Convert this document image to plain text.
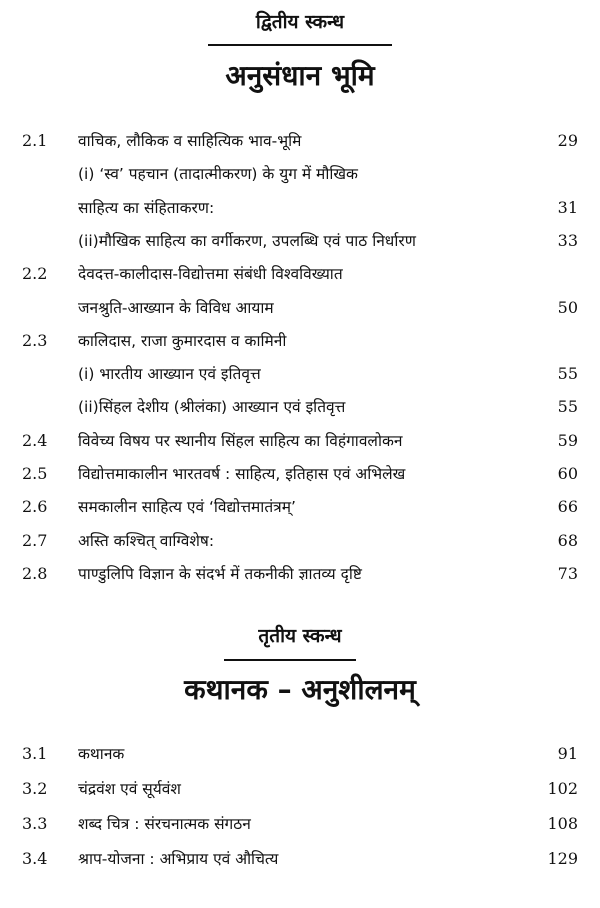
द्वितीय स्कन्ध
अनुसंधान भूमि
2.1 वाचिक, लौकिक व साहित्यिक भाव-भूमि	29
(i) ‘स्व’ पहचान (तादात्मीकरण) के युग में मौखिक
साहित्य का संहिताकरण:	31
(ii)मौखिक साहित्य का वर्गीकरण, उपलब्धि एवं पाठ निर्धारण	33
2.2 देवदत्त-कालीदास-विद्योत्तमा संबंधी विश्वविख्यात
जनश्रुति-आख्यान के विविध आयाम	50
2.3 कालिदास, राजा कुमारदास व कामिनी
(i) भारतीय आख्यान एवं इतिवृत्त	55
(ii)सिंहल देशीय (श्रीलंका) आख्यान एवं इतिवृत्त	55
2.4 विवेच्य विषय पर स्थानीय सिंहल साहित्य का विहंगावलोकन	59
2.5 विद्योत्तमाकालीन भारतवर्ष : साहित्य, इतिहास एवं अभिलेख	60
2.6 समकालीन साहित्य एवं ‘विद्योत्तमातंत्रम्’	66
2.7 अस्ति कश्चित् वाग्विशेष:	68
2.8 पाण्डुलिपि विज्ञान के संदर्भ में तकनीकी ज्ञातव्य दृष्टि	73
तृतीय स्कन्ध
कथानक – अनुशीलनम्
3.1 कथानक	91
3.2 चंद्रवंश एवं सूर्यवंश	102
3.3 शब्द चित्र : संरचनात्मक संगठन	108
3.4 श्राप-योजना : अभिप्राय एवं औचित्य	129
